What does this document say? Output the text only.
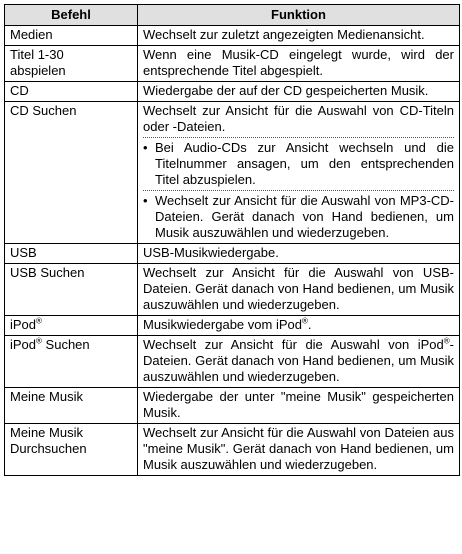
Befehl	Funktion
Medien	Wechselt zur zuletzt angezeigten Medienansicht.

Titel 1-30
abspielen	Wenn eine Musik-CD eingelegt wurde, wird der entsprechende Titel abgespielt.

CD	Wiedergabe der auf der CD gespeicherten Musik.

CD Suchen	Wechselt zur Ansicht für die Auswahl von CD-Titeln oder -Dateien.
• Bei Audio-CDs zur Ansicht wechseln und die Titelnummer ansagen, um den entsprechenden Titel abzuspielen.
• Wechselt zur Ansicht für die Auswahl von MP3-CD-Dateien. Gerät danach von Hand bedienen, um Musik auszuwählen und wiederzugeben.

USB	USB-Musikwiedergabe.

USB Suchen	Wechselt zur Ansicht für die Auswahl von USB-Dateien. Gerät danach von Hand bedienen, um Musik auszuwählen und wiederzugeben.

iPod®	Musikwiedergabe vom iPod®.

iPod® Suchen	Wechselt zur Ansicht für die Auswahl von iPod®-Dateien. Gerät danach von Hand bedienen, um Musik auszuwählen und wiederzugeben.

Meine Musik	Wiedergabe der unter "meine Musik" gespeicherten Musik.

Meine Musik
Durchsuchen	Wechselt zur Ansicht für die Auswahl von Dateien aus "meine Musik". Gerät danach von Hand bedienen, um Musik auszuwählen und wiederzugeben.
